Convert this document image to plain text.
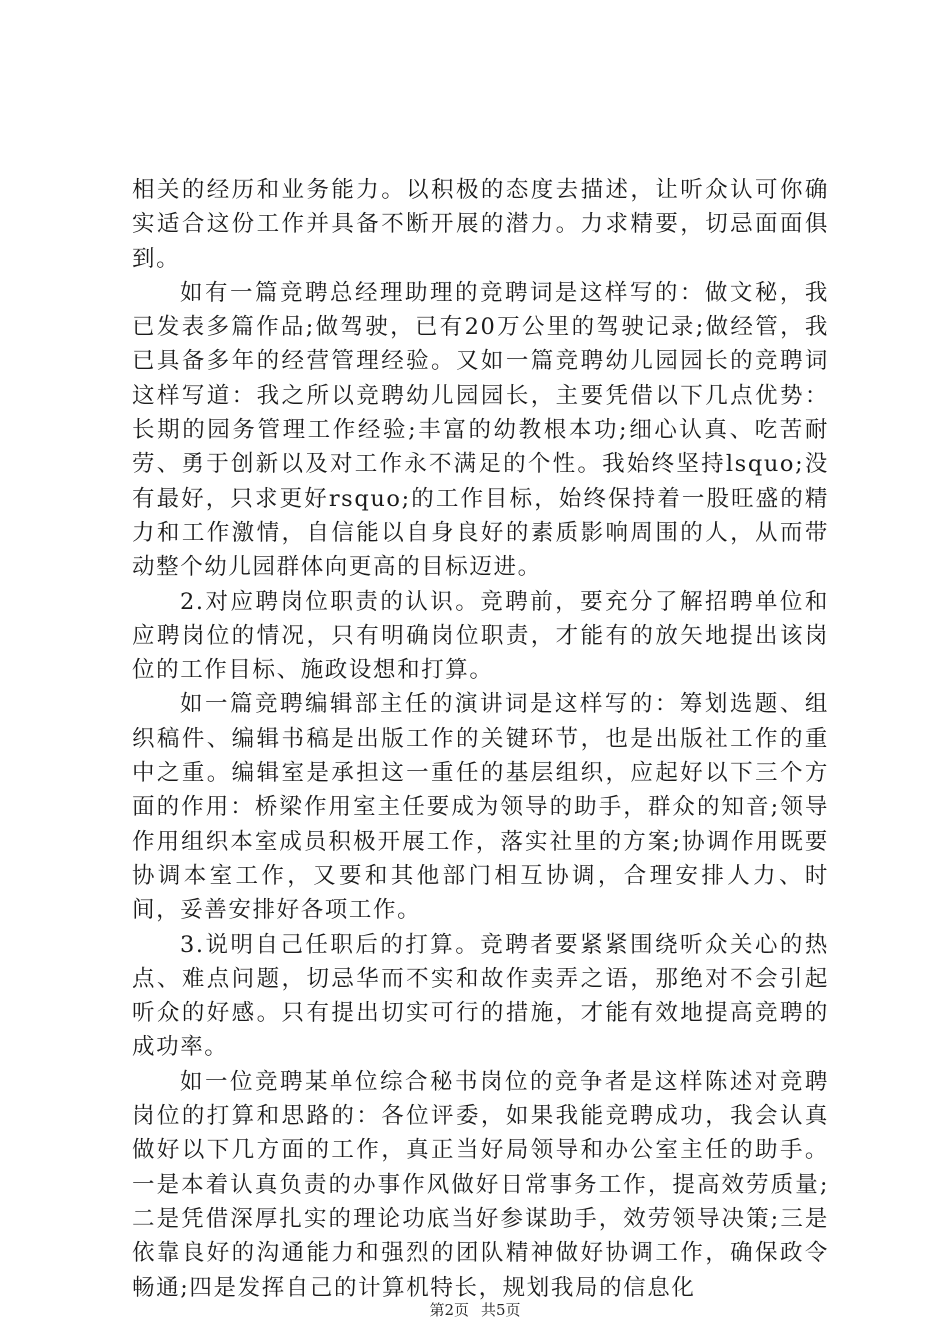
相关的经历和业务能力。以积极的态度去描述，让听众认可你确实适合这份工作并具备不断开展的潜力。力求精要，切忌面面俱到。

如有一篇竞聘总经理助理的竞聘词是这样写的：做文秘，我已发表多篇作品;做驾驶，已有20万公里的驾驶记录;做经管，我已具备多年的经营管理经验。又如一篇竞聘幼儿园园长的竞聘词这样写道：我之所以竞聘幼儿园园长，主要凭借以下几点优势：长期的园务管理工作经验;丰富的幼教根本功;细心认真、吃苦耐劳、勇于创新以及对工作永不满足的个性。我始终坚持lsquo;没有最好，只求更好rsquo;的工作目标，始终保持着一股旺盛的精力和工作激情，自信能以自身良好的素质影响周围的人，从而带动整个幼儿园群体向更高的目标迈进。

2.对应聘岗位职责的认识。竞聘前，要充分了解招聘单位和应聘岗位的情况，只有明确岗位职责，才能有的放矢地提出该岗位的工作目标、施政设想和打算。

如一篇竞聘编辑部主任的演讲词是这样写的：筹划选题、组织稿件、编辑书稿是出版工作的关键环节，也是出版社工作的重中之重。编辑室是承担这一重任的基层组织，应起好以下三个方面的作用：桥梁作用室主任要成为领导的助手，群众的知音;领导作用组织本室成员积极开展工作，落实社里的方案;协调作用既要协调本室工作，又要和其他部门相互协调，合理安排人力、时间，妥善安排好各项工作。

3.说明自己任职后的打算。竞聘者要紧紧围绕听众关心的热点、难点问题，切忌华而不实和故作卖弄之语，那绝对不会引起听众的好感。只有提出切实可行的措施，才能有效地提高竞聘的成功率。

如一位竞聘某单位综合秘书岗位的竞争者是这样陈述对竞聘岗位的打算和思路的：各位评委，如果我能竞聘成功，我会认真做好以下几方面的工作，真正当好局领导和办公室主任的助手。一是本着认真负责的办事作风做好日常事务工作，提高效劳质量;二是凭借深厚扎实的理论功底当好参谋助手，效劳领导决策;三是依靠良好的沟通能力和强烈的团队精神做好协调工作，确保政令畅通;四是发挥自己的计算机特长，规划我局的信息化

第2页 共5页
